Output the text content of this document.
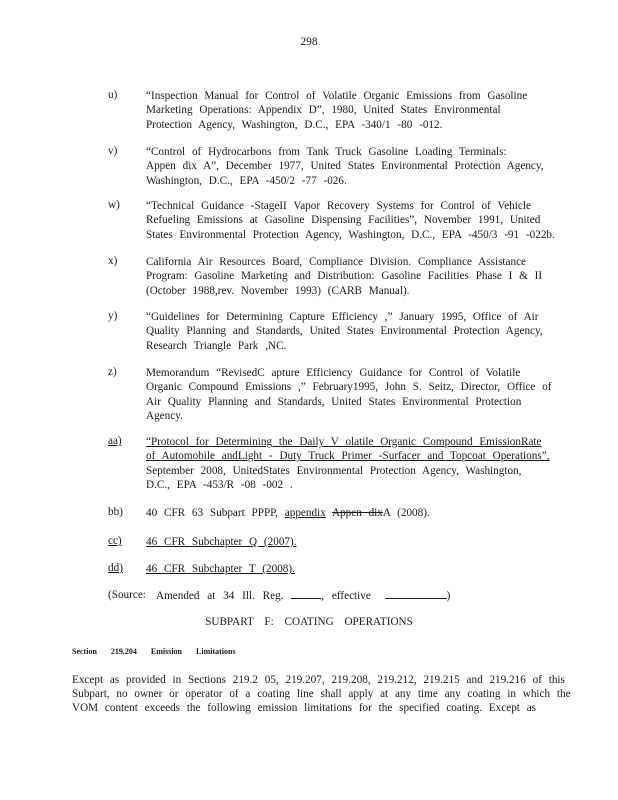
298
u)	“Inspection Manual for Control of Volatile Organic Emissions from Gasoline
Marketing Operations: Appendix D”, 1980, United States Environmental
Protection Agency, Washington, D.C., EPA -340/1 -80 -012.
v)	“Control of Hydrocarbons from Tank Truck Gasoline Loading Terminals:
Appen dix A”, December 1977, United States Environmental Protection Agency,
Washington, D.C., EPA -450/2 -77 -026.
w)	“Technical Guidance -StageII Vapor Recovery Systems for Control of Vehicle
Refueling Emissions at Gasoline Dispensing Facilities”, November 1991, United
States Environmental Protection Agency, Washington, D.C., EPA -450/3 -91 -022b.
x)	California Air Resources Board, Compliance Division. Compliance Assistance
Program: Gasoline Marketing and Distribution: Gasoline Facilities Phase I & II
(October 1988,rev. November 1993) (CARB Manual).
y)	“Guidelines for Determining Capture Efficiency ,” January 1995, Office of Air
Quality Planning and Standards, United States Environmental Protection Agency,
Research Triangle Park ,NC.
z)	Memorandum “RevisedC apture Efficiency Guidance for Control of Volatile
Organic Compound Emissions ,” February1995, John S. Seitz, Director, Office of
Air Quality Planning and Standards, United States Environmental Protection
Agency.
aa)	“Protocol for Determining the Daily V olatile Organic Compound EmissionRate
of Automobile andLight - Duty Truck Primer -Surfacer and Topcoat Operations”,
September 2008, UnitedStates Environmental Protection Agency, Washington,
D.C., EPA -453/R -08 -002 .
bb)	40 CFR 63 Subpart PPPP, appendix Appen dixA (2008).
cc)	46 CFR Subchapter Q (2007).
dd)	46 CFR Subchapter T (2008).
(Source: Amended at 34 Ill. Reg.	, effective	)
SUBPART F: COATING OPERATIONS
Section 219.204 Emission Limitations
Except as provided in Sections 219.2 05, 219.207, 219.208, 219.212, 219.215 and 219.216 of this
Subpart, no owner or operator of a coating line shall apply at any time any coating in which the
VOM content exceeds the following emission limitations for the specified coating. Except as
